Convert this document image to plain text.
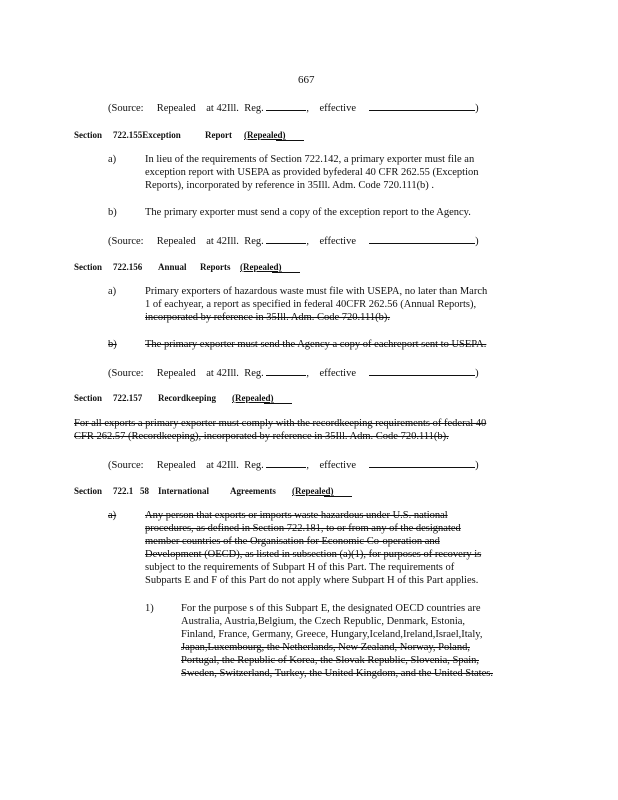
667
(Source: Repealed at 42Ill. Reg.	, effective	)
Section 722.155Exception	Report (Repealed)
a)	In lieu of the requirements of Section 722.142, a primary exporter must file an
exception report with USEPA as provided byfederal 40 CFR 262.55 (Exception
Reports), incorporated by reference in 35Ill. Adm. Code 720.111(b) .
b)	The primary exporter must send a copy of the exception report to the Agency.
(Source: Repealed at 42Ill. Reg.	, effective	)
Section 722.156 Annual Reports (Repealed)
a)	Primary exporters of hazardous waste must file with USEPA, no later than March
1 of eachyear, a report as specified in federal 40CFR 262.56 (Annual Reports),
incorporated by reference in 35Ill. Adm. Code 720.111(b).
b)	The primary exporter must send the Agency a copy of eachreport sent to USEPA.
(Source: Repealed at 42Ill. Reg.	, effective	)
Section 722.157 Recordkeeping (Repealed)
For all exports a primary exporter must comply with the recordkeeping requirements of federal 40
CFR 262.57 (Recordkeeping), incorporated by reference in 35Ill. Adm. Code 720.111(b).
(Source: Repealed at 42Ill. Reg.	, effective	)
Section 722.1 58 International Agreements (Repealed)
a)	Any person that exports or imports waste hazardous under U.S. national
procedures, as defined in Section 722.181, to or from any of the designated
member countries of the Organisation for Economic Co-operation and
Development (OECD), as listed in subsection (a)(1), for purposes of recovery is
subject to the requirements of Subpart H of this Part. The requirements of
Subparts E and F of this Part do not apply where Subpart H of this Part applies.
1)	For the purpose s of this Subpart E, the designated OECD countries are
Australia, Austria,Belgium, the Czech Republic, Denmark, Estonia,
Finland, France, Germany, Greece, Hungary,Iceland,Ireland,Israel,Italy,
Japan,Luxembourg, the Netherlands, New Zealand, Norway, Poland,
Portugal, the Republic of Korea, the Slovak Republic, Slovenia, Spain,
Sweden, Switzerland, Turkey, the United Kingdom, and the United States.
